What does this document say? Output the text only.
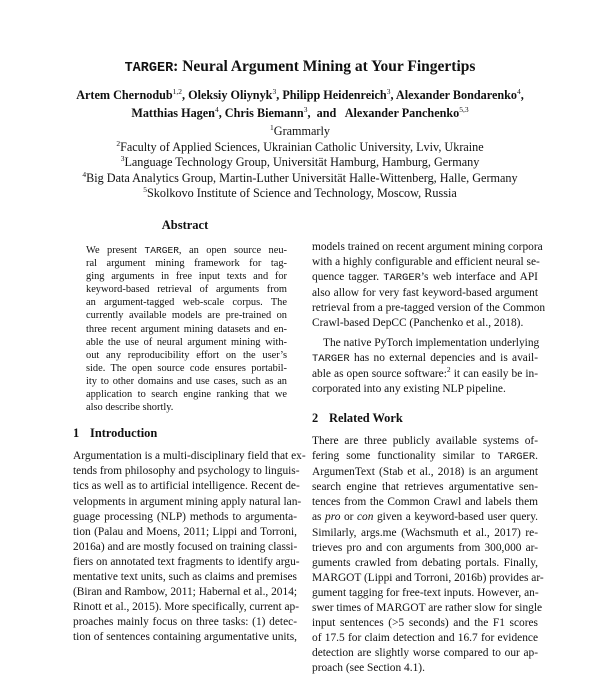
TARGER: Neural Argument Mining at Your Fingertips
Artem Chernodub$^{1,2}$, Oleksiy Oliynyk$^3$, Philipp Heidenreich$^3$, Alexander Bondarenko$^4$,
Matthias Hagen$^4$, Chris Biemann$^3$,  and   Alexander Panchenko$^{5,3}$
$^1$Grammarly
$^2$Faculty of Applied Sciences, Ukrainian Catholic University, Lviv, Ukraine
$^3$Language Technology Group, Universität Hamburg, Hamburg, Germany
$^4$Big Data Analytics Group, Martin-Luther Universität Halle-Wittenberg, Halle, Germany
$^5$Skolkovo Institute of Science and Technology, Moscow, Russia
Abstract
We present TARGER, an open source neu-
ral argument mining framework for tag-
ging arguments in free input texts and for
keyword-based retrieval of arguments from
an argument-tagged web-scale corpus. The
currently available models are pre-trained on
three recent argument mining datasets and en-
able the use of neural argument mining with-
out any reproducibility effort on the user’s
side. The open source code ensures portabil-
ity to other domains and use cases, such as an
application to search engine ranking that we
also describe shortly.
1 Introduction
Argumentation is a multi-disciplinary field that ex-
tends from philosophy and psychology to linguis-
tics as well as to artificial intelligence. Recent de-
velopments in argument mining apply natural lan-
guage processing (NLP) methods to argumenta-
tion (Palau and Moens, 2011; Lippi and Torroni,
2016a) and are mostly focused on training classi-
fiers on annotated text fragments to identify argu-
mentative text units, such as claims and premises
(Biran and Rambow, 2011; Habernal et al., 2014;
Rinott et al., 2015). More specifically, current ap-
proaches mainly focus on three tasks: (1) detec-
tion of sentences containing argumentative units,
models trained on recent argument mining corpora
with a highly configurable and efficient neural se-
quence tagger. TARGER’s web interface and API
also allow for very fast keyword-based argument
retrieval from a pre-tagged version of the Common
Crawl-based DepCC (Panchenko et al., 2018).
The native PyTorch implementation underlying
TARGER has no external depencies and is avail-
able as open source software:$^2$ it can easily be in-
corporated into any existing NLP pipeline.
2 Related Work
There are three publicly available systems of-
fering some functionality similar to TARGER.
ArgumenText (Stab et al., 2018) is an argument
search engine that retrieves argumentative sen-
tences from the Common Crawl and labels them
as pro or con given a keyword-based user query.
Similarly, args.me (Wachsmuth et al., 2017) re-
trieves pro and con arguments from 300,000 ar-
guments crawled from debating portals. Finally,
MARGOT (Lippi and Torroni, 2016b) provides ar-
gument tagging for free-text inputs. However, an-
swer times of MARGOT are rather slow for single
input sentences (>5 seconds) and the F1 scores
of 17.5 for claim detection and 16.7 for evidence
detection are slightly worse compared to our ap-
proach (see Section 4.1).
